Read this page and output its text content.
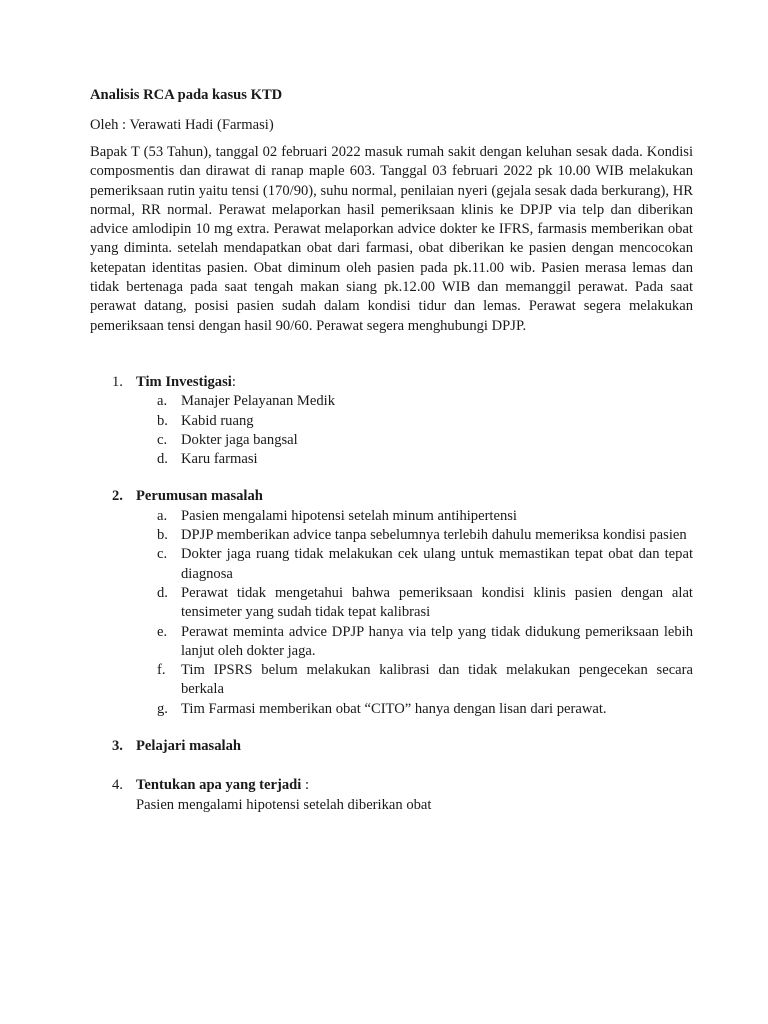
Analisis RCA pada kasus KTD
Oleh : Verawati Hadi (Farmasi)

Bapak T (53 Tahun), tanggal 02 februari 2022 masuk rumah sakit dengan keluhan sesak dada. Kondisi composmentis dan dirawat di ranap maple 603. Tanggal 03 februari 2022 pk 10.00 WIB melakukan pemeriksaan rutin yaitu tensi (170/90), suhu normal, penilaian nyeri (gejala sesak dada berkurang), HR normal, RR normal. Perawat melaporkan hasil pemeriksaan klinis ke DPJP via telp dan diberikan advice amlodipin 10 mg extra. Perawat melaporkan advice dokter ke IFRS, farmasis memberikan obat yang diminta. setelah mendapatkan obat dari farmasi, obat diberikan ke pasien dengan mencocokan ketepatan identitas pasien. Obat diminum oleh pasien pada pk.11.00 wib. Pasien merasa lemas dan tidak bertenaga pada saat tengah makan siang pk.12.00 WIB dan memanggil perawat. Pada saat perawat datang, posisi pasien sudah dalam kondisi tidur dan lemas. Perawat segera melakukan pemeriksaan tensi dengan hasil 90/60. Perawat segera menghubungi DPJP.

1. Tim Investigasi:
a. Manajer Pelayanan Medik
b. Kabid ruang
c. Dokter jaga bangsal
d. Karu farmasi
2. Perumusan masalah
a. Pasien mengalami hipotensi setelah minum antihipertensi
b. DPJP memberikan advice tanpa sebelumnya terlebih dahulu memeriksa kondisi pasien
c. Dokter jaga ruang tidak melakukan cek ulang untuk memastikan tepat obat dan tepat diagnosa
d. Perawat tidak mengetahui bahwa pemeriksaan kondisi klinis pasien dengan alat tensimeter yang sudah tidak tepat kalibrasi
e. Perawat meminta advice DPJP hanya via telp yang tidak didukung pemeriksaan lebih lanjut oleh dokter jaga.
f. Tim IPSRS belum melakukan kalibrasi dan tidak melakukan pengecekan secara berkala
g. Tim Farmasi memberikan obat “CITO” hanya dengan lisan dari perawat.
3. Pelajari masalah
4. Tentukan apa yang terjadi :
Pasien mengalami hipotensi setelah diberikan obat
